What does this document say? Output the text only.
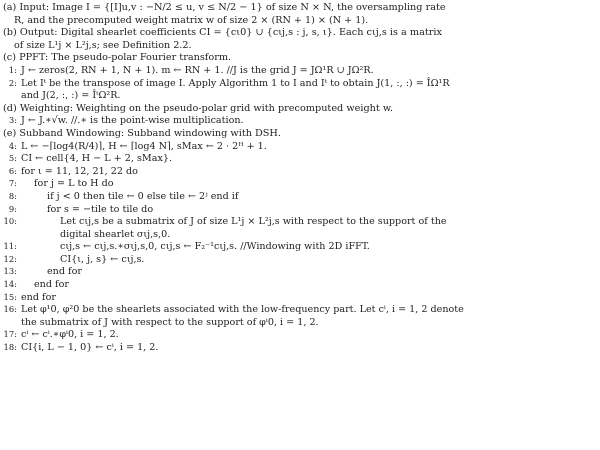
(a) Input: Image I = {[I]u,v : −N/2 ≤ u, v ≤ N/2 − 1} of size N × N, the oversampling rate
R, and the precomputed weight matrix w of size 2 × (RN + 1) × (N + 1).
(b) Output: Digital shearlet coefficients CI = {cι0} ∪ {cιj,s : j, s, ι}. Each cιj,s is a matrix
of size L¹j × L²j,s; see Definition 2.2.
(c) PPFT: The pseudo-polar Fourier transform.
1: J ← zeros(2, RN + 1, N + 1). m ← RN + 1. //J is the grid J = JΩ¹R ∪ JΩ²R.
2: Let Iᵗ be the transpose of image I. Apply Algorithm 1 to I and Iᵗ to obtain J(1, :, :) = ÎΩ¹R
and J(2, :, :) = ÎᵗΩ²R.
(d) Weighting: Weighting on the pseudo-polar grid with precomputed weight w.
3: J ← J.∗√w. //.∗ is the point-wise multiplication.
(e) Subband Windowing: Subband windowing with DSH.
4: L ← −⌈log4(R/4)⌉, H ← ⌈log4 N⌉, sMax ← 2 · 2ᴴ + 1.
5: CI ← cell{4, H − L + 2, sMax}.
6: for ι = 11, 12, 21, 22 do
7: for j = L to H do
8:	if j < 0 then tile ← 0 else tile ← 2ʲ end if
9:	for s = −tile to tile do
10:	Let cιj,s be a submatrix of J of size L¹j × L²j,s with respect to the support of the
digital shearlet σιj,s,0.
11:	cιj,s ← cιj,s.∗σιj,s,0, cιj,s ← F₂⁻¹cιj,s. //Windowing with 2D iFFT.
12:	CI{ι, j, s} ← cιj,s.
13:	end for
14: end for
15: end for
16: Let φ¹0, φ²0 be the shearlets associated with the low-frequency part. Let cⁱ, i = 1, 2 denote
the submatrix of J with respect to the support of φⁱ0, i = 1, 2.
17: cⁱ ← cⁱ.∗φⁱ0, i = 1, 2.
18: CI{i, L − 1, 0} ← cⁱ, i = 1, 2.
